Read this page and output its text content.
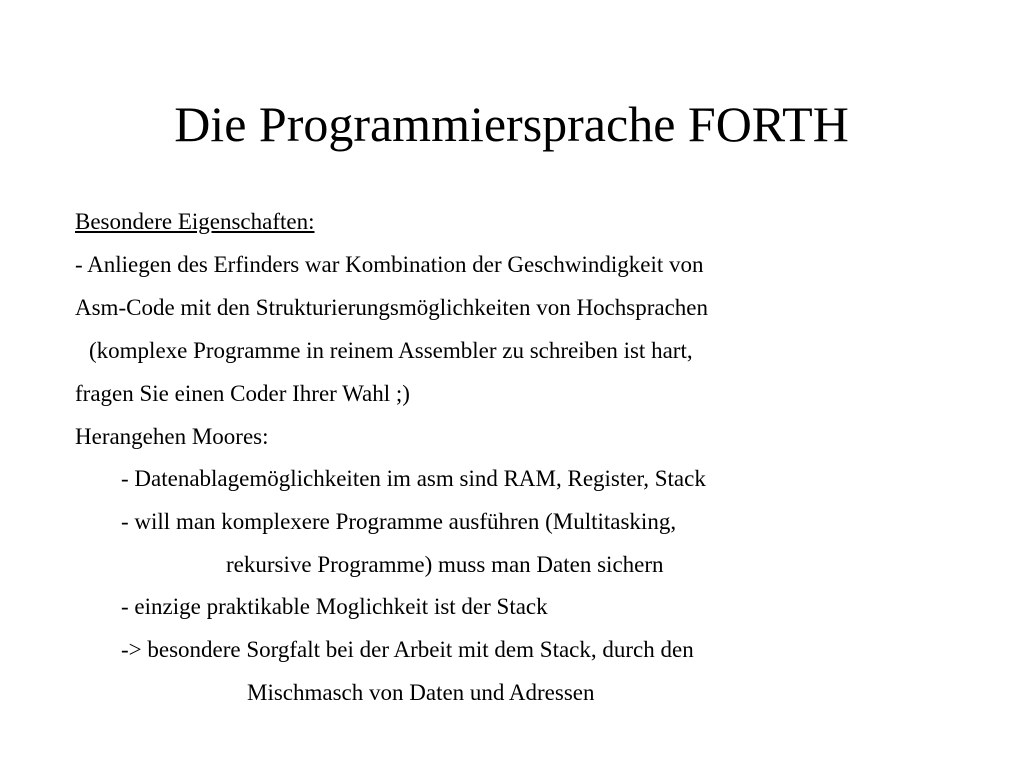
Die Programmiersprache FORTH
Besondere Eigenschaften:
- Anliegen des Erfinders war Kombination der Geschwindigkeit von
Asm-Code mit den Strukturierungsmöglichkeiten von Hochsprachen
(komplexe Programme in reinem Assembler zu schreiben ist hart,
fragen Sie einen Coder Ihrer Wahl ;)
Herangehen Moores:
- Datenablagemöglichkeiten im asm sind RAM, Register, Stack
- will man komplexere Programme ausführen (Multitasking,
rekursive Programme) muss man Daten sichern
- einzige praktikable Moglichkeit ist der Stack
-> besondere Sorgfalt bei der Arbeit mit dem Stack, durch den
Mischmasch von Daten und Adressen
